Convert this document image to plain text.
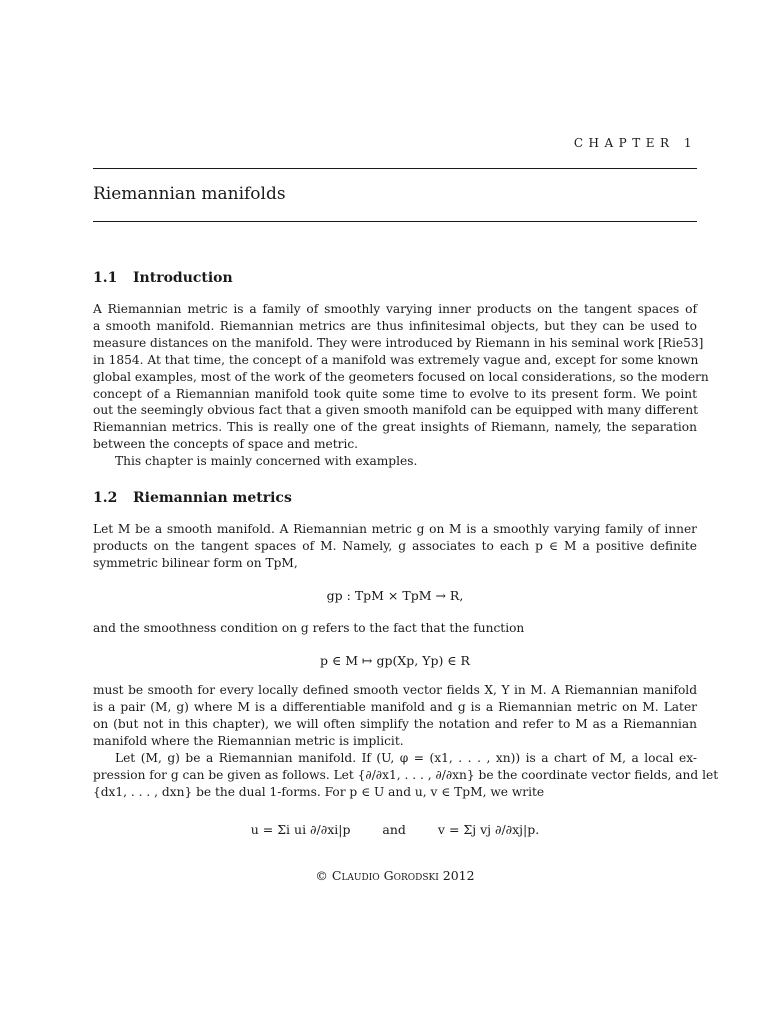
CHAPTER 1
Riemannian manifolds
1.1 Introduction
A Riemannian metric is a family of smoothly varying inner products on the tangent spaces of
a smooth manifold. Riemannian metrics are thus infinitesimal objects, but they can be used to
measure distances on the manifold. They were introduced by Riemann in his seminal work [Rie53]
in 1854. At that time, the concept of a manifold was extremely vague and, except for some known
global examples, most of the work of the geometers focused on local considerations, so the modern
concept of a Riemannian manifold took quite some time to evolve to its present form. We point
out the seemingly obvious fact that a given smooth manifold can be equipped with many different
Riemannian metrics. This is really one of the great insights of Riemann, namely, the separation
between the concepts of space and metric.
This chapter is mainly concerned with examples.
1.2 Riemannian metrics
Let M be a smooth manifold. A Riemannian metric g on M is a smoothly varying family of inner
products on the tangent spaces of M. Namely, g associates to each p ∈ M a positive definite
symmetric bilinear form on TpM,
gp : TpM × TpM → R,
and the smoothness condition on g refers to the fact that the function
p ∈ M ↦ gp(Xp, Yp) ∈ R
must be smooth for every locally defined smooth vector fields X, Y in M. A Riemannian manifold
is a pair (M, g) where M is a differentiable manifold and g is a Riemannian metric on M. Later
on (but not in this chapter), we will often simplify the notation and refer to M as a Riemannian
manifold where the Riemannian metric is implicit.
Let (M, g) be a Riemannian manifold. If (U, φ = (x1, . . . , xn)) is a chart of M, a local ex-
pression for g can be given as follows. Let {∂/∂x1, . . . , ∂/∂xn} be the coordinate vector fields, and let
{dx1, . . . , dxn} be the dual 1-forms. For p ∈ U and u, v ∈ TpM, we write
u = Σi ui ∂/∂xi|p	and	v = Σj vj ∂/∂xj|p.
© Claudio Gorodski 2012
